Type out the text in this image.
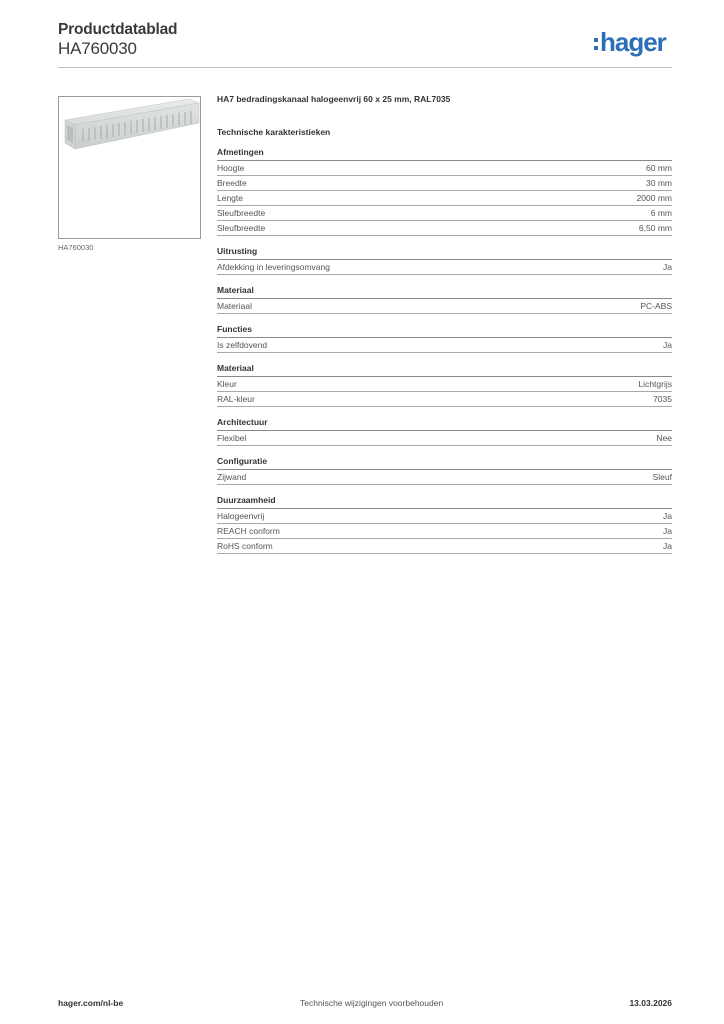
Productdatablad
HA760030	hager
HA760030
HA7 bedradingskanaal halogeenvrij 60 x 25 mm, RAL7035
Technische karakteristieken
Afmetingen
Hoogte	60 mm
Breedte	30 mm
Lengte	2000 mm
Sleufbreedte	6 mm
Sleufbreedte	6,50 mm
Uitrusting
Afdekking in leveringsomvang	Ja
Materiaal
Materiaal	PC-ABS
Functies
Is zelfdovend	Ja
Materiaal
Kleur	Lichtgrijs
RAL-kleur	7035
Architectuur
Flexibel	Nee
Configuratie
Zijwand	Sleuf
Duurzaamheid
Halogeenvrij	Ja
REACH conform	Ja
RoHS conform	Ja
hager.com/nl-be	Technische wijzigingen voorbehouden	13.03.2026
